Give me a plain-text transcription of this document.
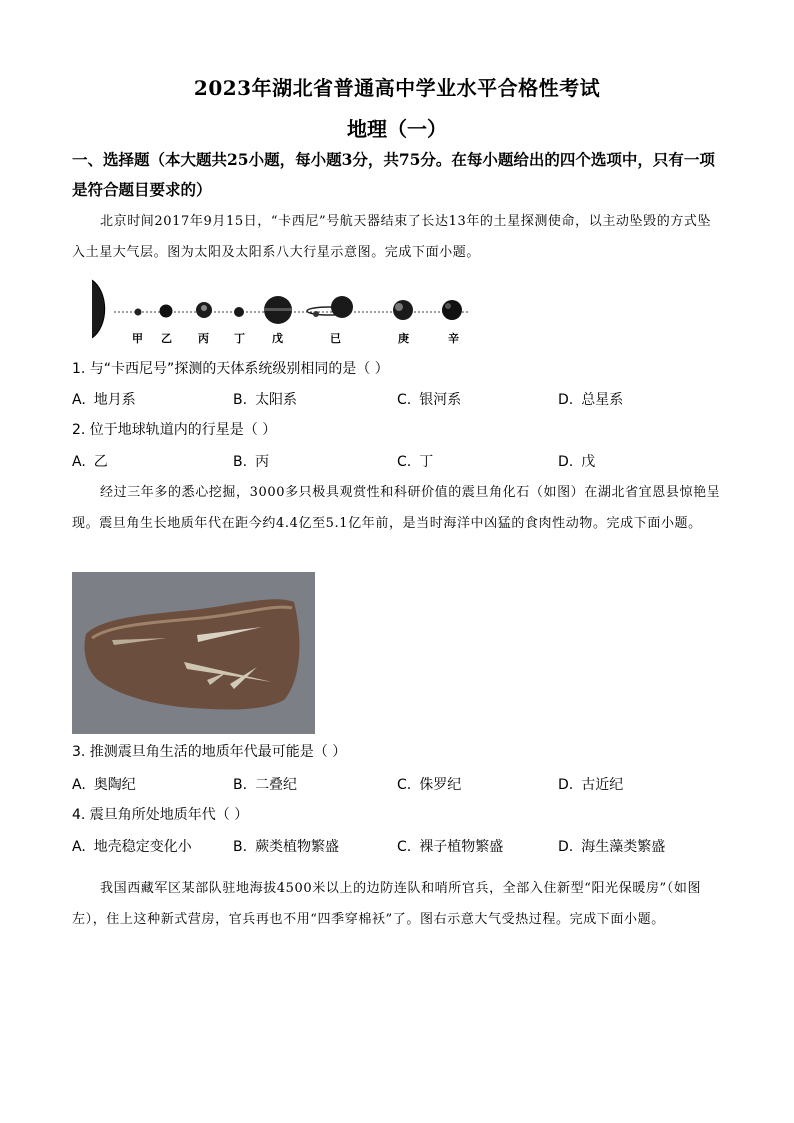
2023年湖北省普通高中学业水平合格性考试
地理（一）
一、选择题（本大题共25小题，每小题3分，共75分。在每小题给出的四个选项中，只有一项是符合题目要求的）
北京时间2017年9月15日，“卡西尼”号航天器结束了长达13年的土星探测使命，以主动坠毁的方式坠入土星大气层。图为太阳及太阳系八大行星示意图。完成下面小题。
甲 乙 丙 丁 戊	已	庚	辛
1. 与“卡西尼号”探测的天体系统级别相同的是（ ）
A. 地月系	B. 太阳系	C. 银河系	D. 总星系
2. 位于地球轨道内的行星是（ ）
A. 乙	B. 丙	C. 丁	D. 戊
经过三年多的悉心挖掘，3000多只极具观赏性和科研价值的震旦角化石（如图）在湖北省宜恩县惊艳呈现。震旦角生长地质年代在距今约4.4亿至5.1亿年前，是当时海洋中凶猛的食肉性动物。完成下面小题。
3. 推测震旦角生活的地质年代最可能是（ ）
A. 奥陶纪	B. 二叠纪	C. 侏罗纪	D. 古近纪
4. 震旦角所处地质年代（ ）
A. 地壳稳定变化小	B. 蕨类植物繁盛	C. 裸子植物繁盛	D. 海生藻类繁盛
我国西藏军区某部队驻地海拔4500米以上的边防连队和哨所官兵，全部入住新型“阳光保暖房”（如图左），住上这种新式营房，官兵再也不用“四季穿棉袄”了。图右示意大气受热过程。完成下面小题。
